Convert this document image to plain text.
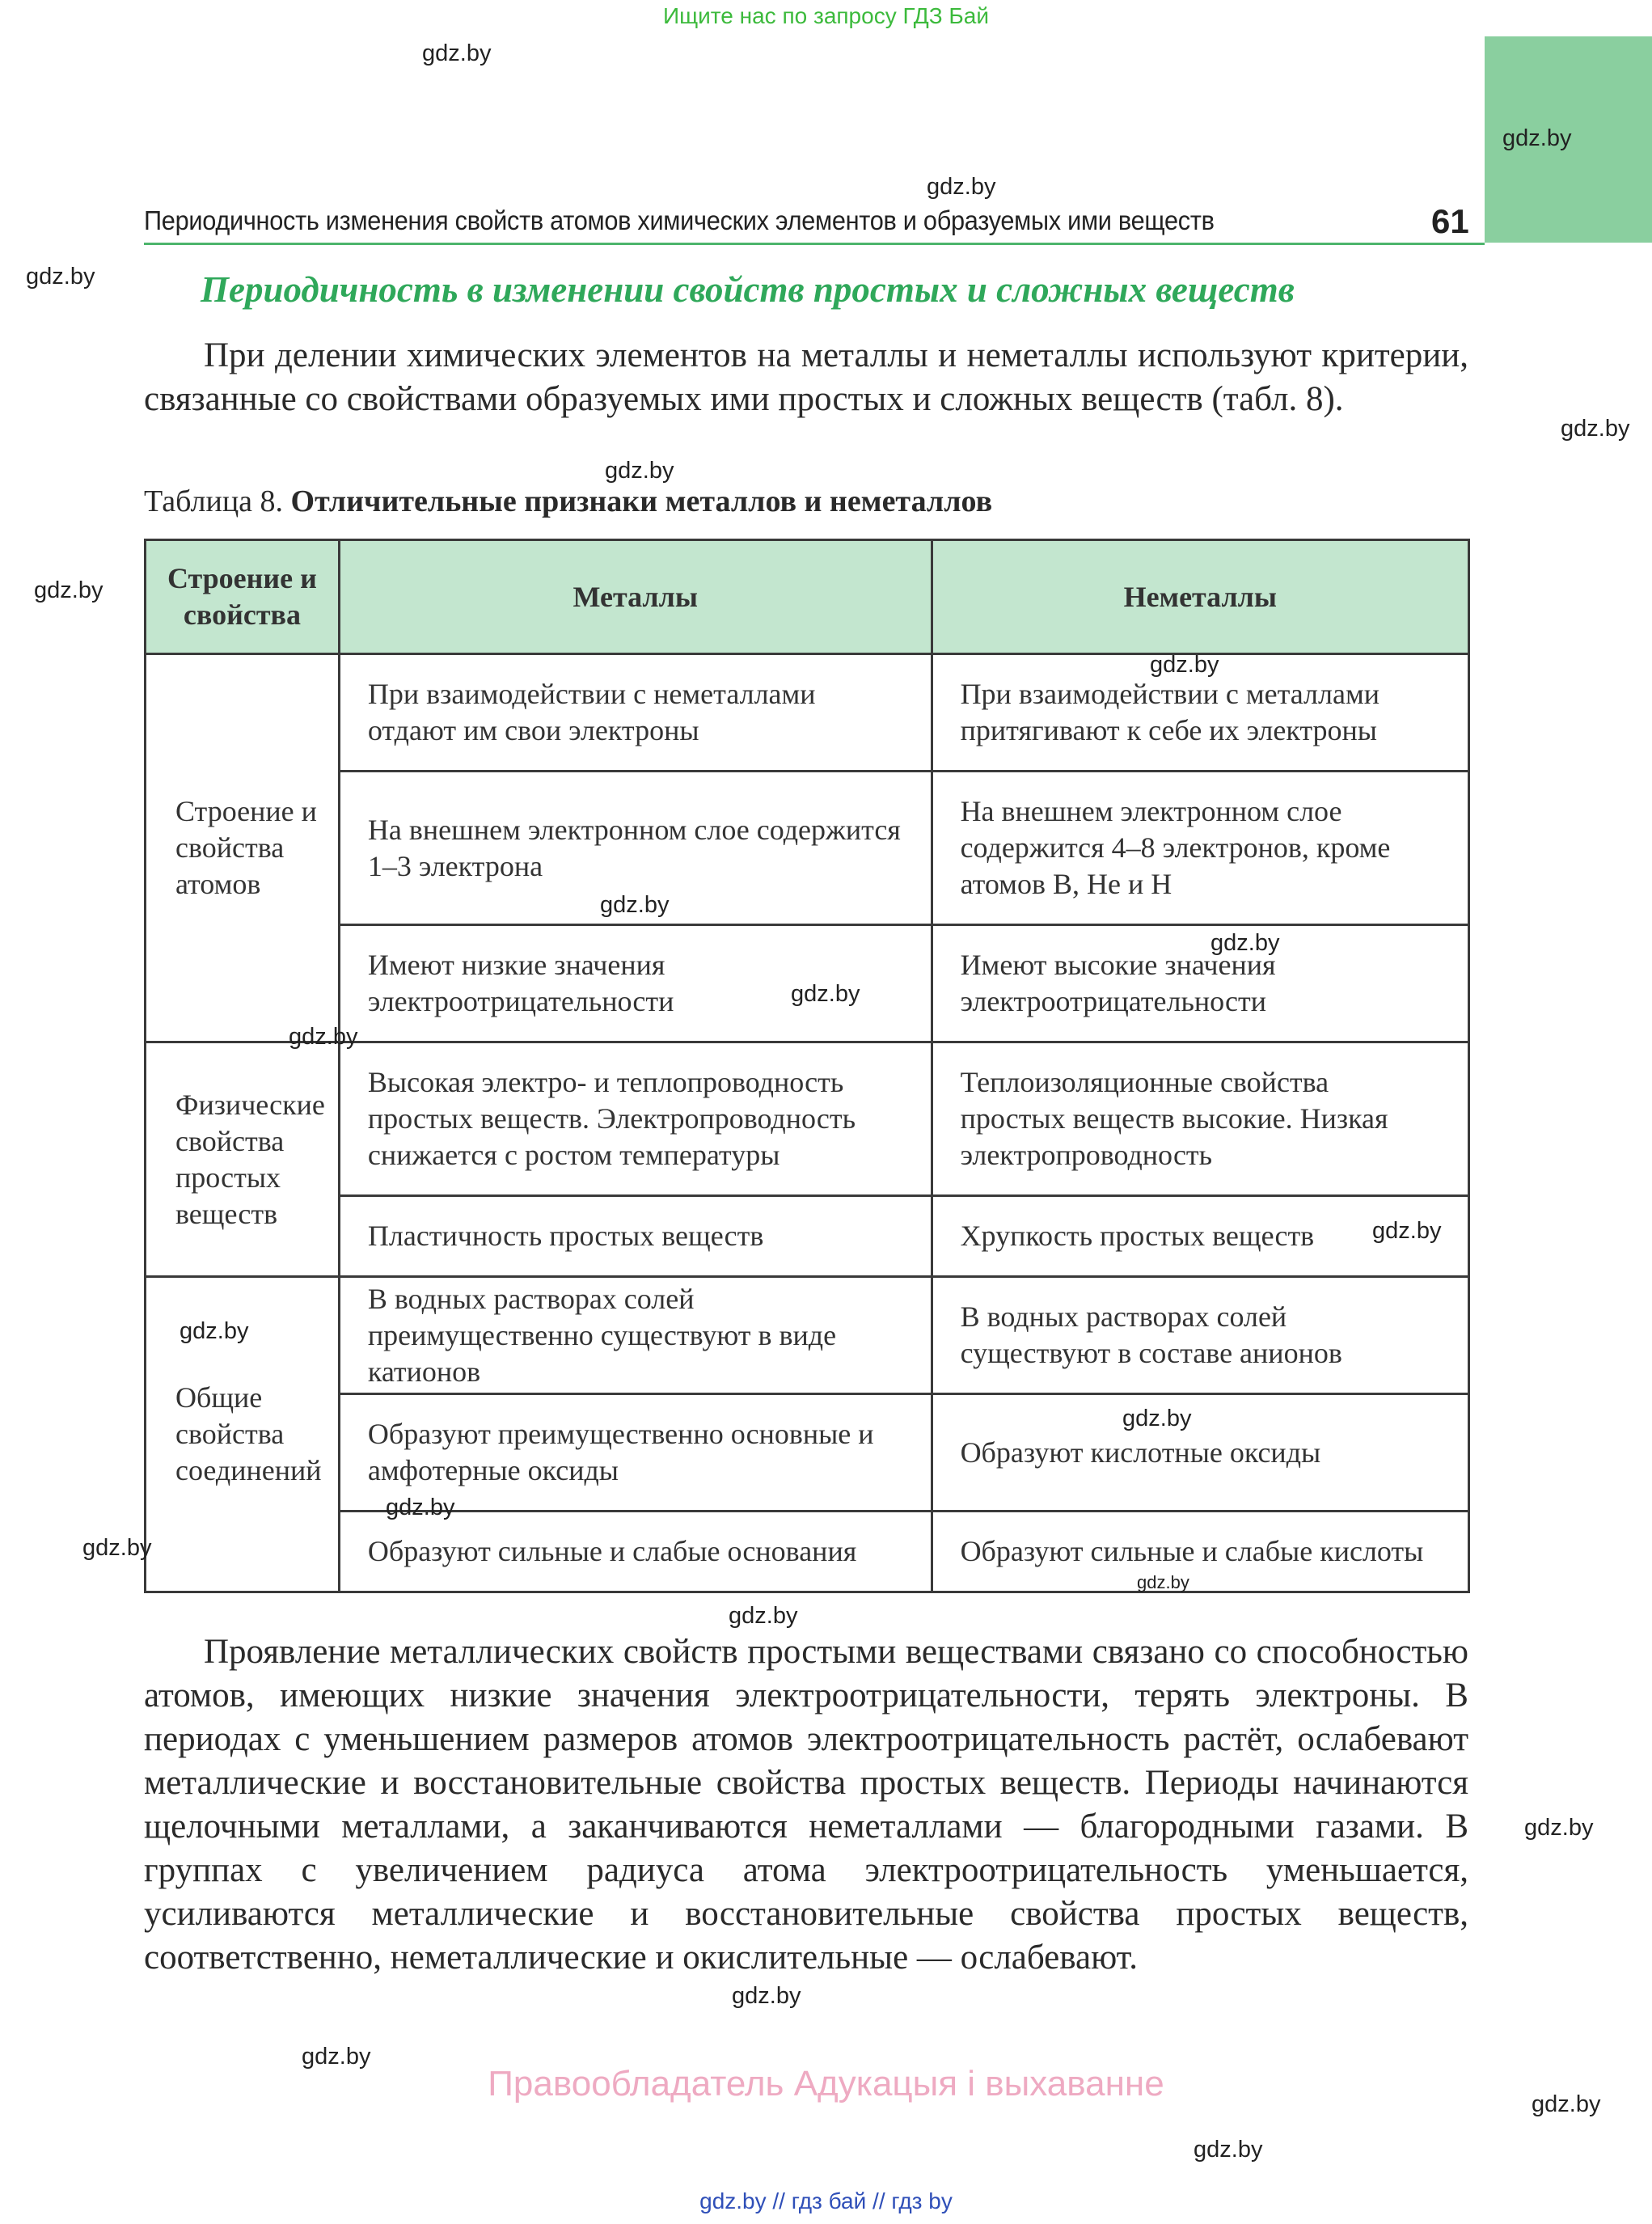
Ищите нас по запросу ГДЗ Бай
Периодичность изменения свойств атомов химических элементов и образуемых ими веществ	61
Периодичность в изменении свойств простых и сложных веществ
При делении химических элементов на металлы и неметаллы используют критерии, связанные со свойствами образуемых ими простых и сложных веществ (табл. 8).
Таблица 8. Отличительные признаки металлов и неметаллов
Строение и свойства	Металлы	Неметаллы
Строение и свойства атомов	При взаимодействии с неметаллами отдают им свои электроны	При взаимодействии с металлами притягивают к себе их электроны
	На внешнем электронном слое содержится 1–3 электрона	На внешнем электронном слое содержится 4–8 электронов, кроме атомов В, Не и Н
	Имеют низкие значения электроотрицательности	Имеют высокие значения электроотрицательности
Физические свойства простых веществ	Высокая электро- и теплопроводность простых веществ. Электропроводность снижается с ростом температуры	Теплоизоляционные свойства простых веществ высокие. Низкая электропроводность
	Пластичность простых веществ	Хрупкость простых веществ
Общие свойства соединений	В водных растворах солей преимущественно существуют в виде катионов	В водных растворах солей существуют в составе анионов
	Образуют преимущественно основные и амфотерные оксиды	Образуют кислотные оксиды
	Образуют сильные и слабые основания	Образуют сильные и слабые кислоты
Проявление металлических свойств простыми веществами связано со способностью атомов, имеющих низкие значения электроотрицательности, терять электроны. В периодах с уменьшением размеров атомов электроотрицательность растёт, ослабевают металлические и восстановительные свойства простых веществ. Периоды начинаются щелочными металлами, а заканчиваются неметаллами — благородными газами. В группах с увеличением радиуса атома электроотрицательность уменьшается, усиливаются металлические и восстановительные свойства простых веществ, соответственно, неметаллические и окислительные — ослабевают.
Правообладатель Адукацыя і выхаванне
gdz.by // гдз бай // гдз by
gdz.by
gdz.by
gdz.by
gdz.by
gdz.by
gdz.by
gdz.by
gdz.by
gdz.by
gdz.by
gdz.by
gdz.by
gdz.by
gdz.by
gdz.by
gdz.by
gdz.by
gdz.by
gdz.by
gdz.by
gdz.by
gdz.by
gdz.by
gdz.by
